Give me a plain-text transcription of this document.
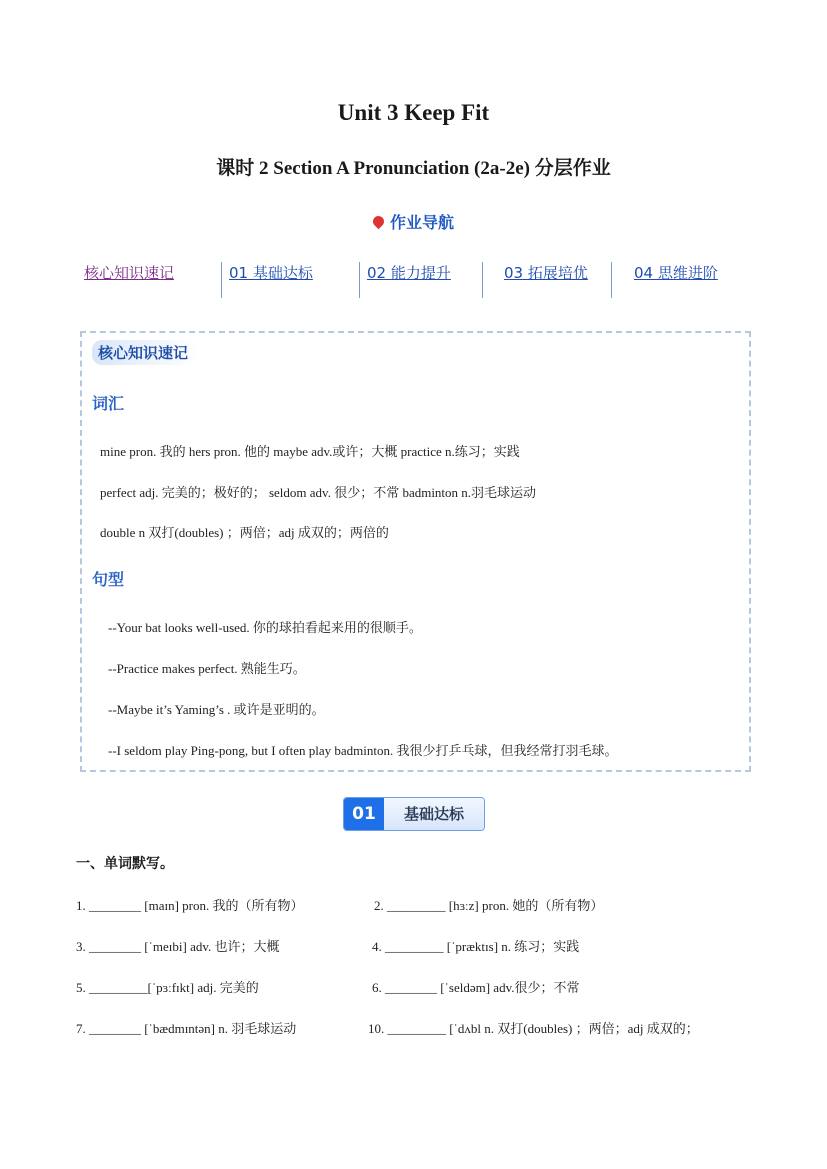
Unit 3 Keep Fit
课时 2 Section A Pronunciation (2a-2e) 分层作业
作业导航
核心知识速记	01 基础达标	02 能力提升	03 拓展培优	04 思维进阶
核心知识速记
词汇
mine pron. 我的 hers pron. 他的 maybe adv.或许；大概 practice n.练习；实践
perfect adj. 完美的；极好的； seldom adv. 很少；不常 badminton n.羽毛球运动
double n 双打(doubles) ；两倍；adj 成双的；两倍的
句型
--Your bat looks well-used. 你的球拍看起来用的很顺手。
--Practice makes perfect. 熟能生巧。
--Maybe it’s Yaming’s . 或许是亚明的。
--I seldom play Ping-pong, but I often play badminton. 我很少打乒乓球，但我经常打羽毛球。
01	基础达标
一、单词默写。
1. ________ [maɪn] pron. 我的（所有物）	2. _________ [hɜːz] pron. 她的（所有物）
3. ________ [ˈmeɪbi] adv. 也许；大概	4. _________ [ˈpræktɪs] n. 练习；实践
5. _________[ˈpɜːfɪkt] adj. 完美的	6. ________ [ˈseldəm] adv.很少；不常
7. ________ [ˈbædmɪntən] n. 羽毛球运动	10. _________ [ˈdʌbl n. 双打(doubles) ；两倍；adj 成双的；
